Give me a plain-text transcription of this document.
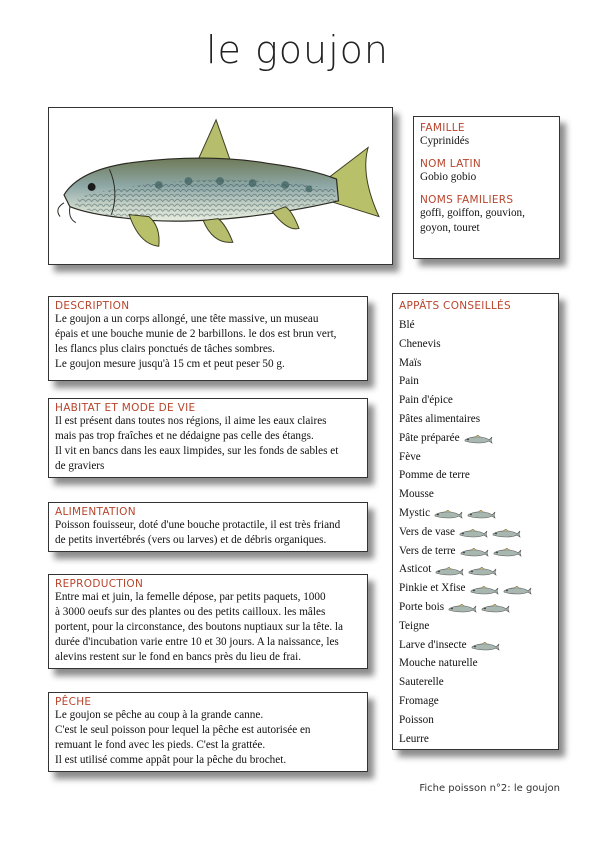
le goujon
FAMILLE
Cyprinidés
NOM LATIN
Gobio gobio
NOMS FAMILIERS
goffi, goiffon, gouvion, goyon, touret
DESCRIPTION
Le goujon a un corps allongé, une tête massive, un museau
épais et une bouche munie de 2 barbillons. le dos est brun vert,
les flancs plus clairs ponctués de tâches sombres.
Le goujon mesure jusqu'à 15 cm et peut peser 50 g.
HABITAT ET MODE DE VIE
Il est présent dans toutes nos régions, il aime les eaux claires
mais pas trop fraîches et ne dédaigne pas celle des étangs.
Il vit en bancs dans les eaux limpides, sur les fonds de sables et
de graviers
ALIMENTATION
Poisson fouisseur, doté d'une bouche protactile, il est très friand
de petits invertébrés (vers ou larves) et de débris organiques.
REPRODUCTION
Entre mai et juin, la femelle dépose, par petits paquets, 1000
à 3000 oeufs sur des plantes ou des petits cailloux. les mâles
portent, pour la circonstance, des boutons nuptiaux sur la tête. la
durée d'incubation varie entre 10 et 30 jours. A la naissance, les
alevins restent sur le fond en bancs près du lieu de frai.
PÊCHE
Le goujon se pêche au coup à la grande canne.
C'est le seul poisson pour lequel la pêche est autorisée en
remuant le fond avec les pieds. C'est la grattée.
Il est utilisé comme appât pour la pêche du brochet.
APPÂTS CONSEILLÉS
Blé
Chenevis
Maïs
Pain
Pain d'épice
Pâtes alimentaires
Pâte préparée
Fève
Pomme de terre
Mousse
Mystic
Vers de vase
Vers de terre
Asticot
Pinkie et Xfise
Porte bois
Teigne
Larve d'insecte
Mouche naturelle
Sauterelle
Fromage
Poisson
Leurre
Fiche poisson n°2: le goujon
